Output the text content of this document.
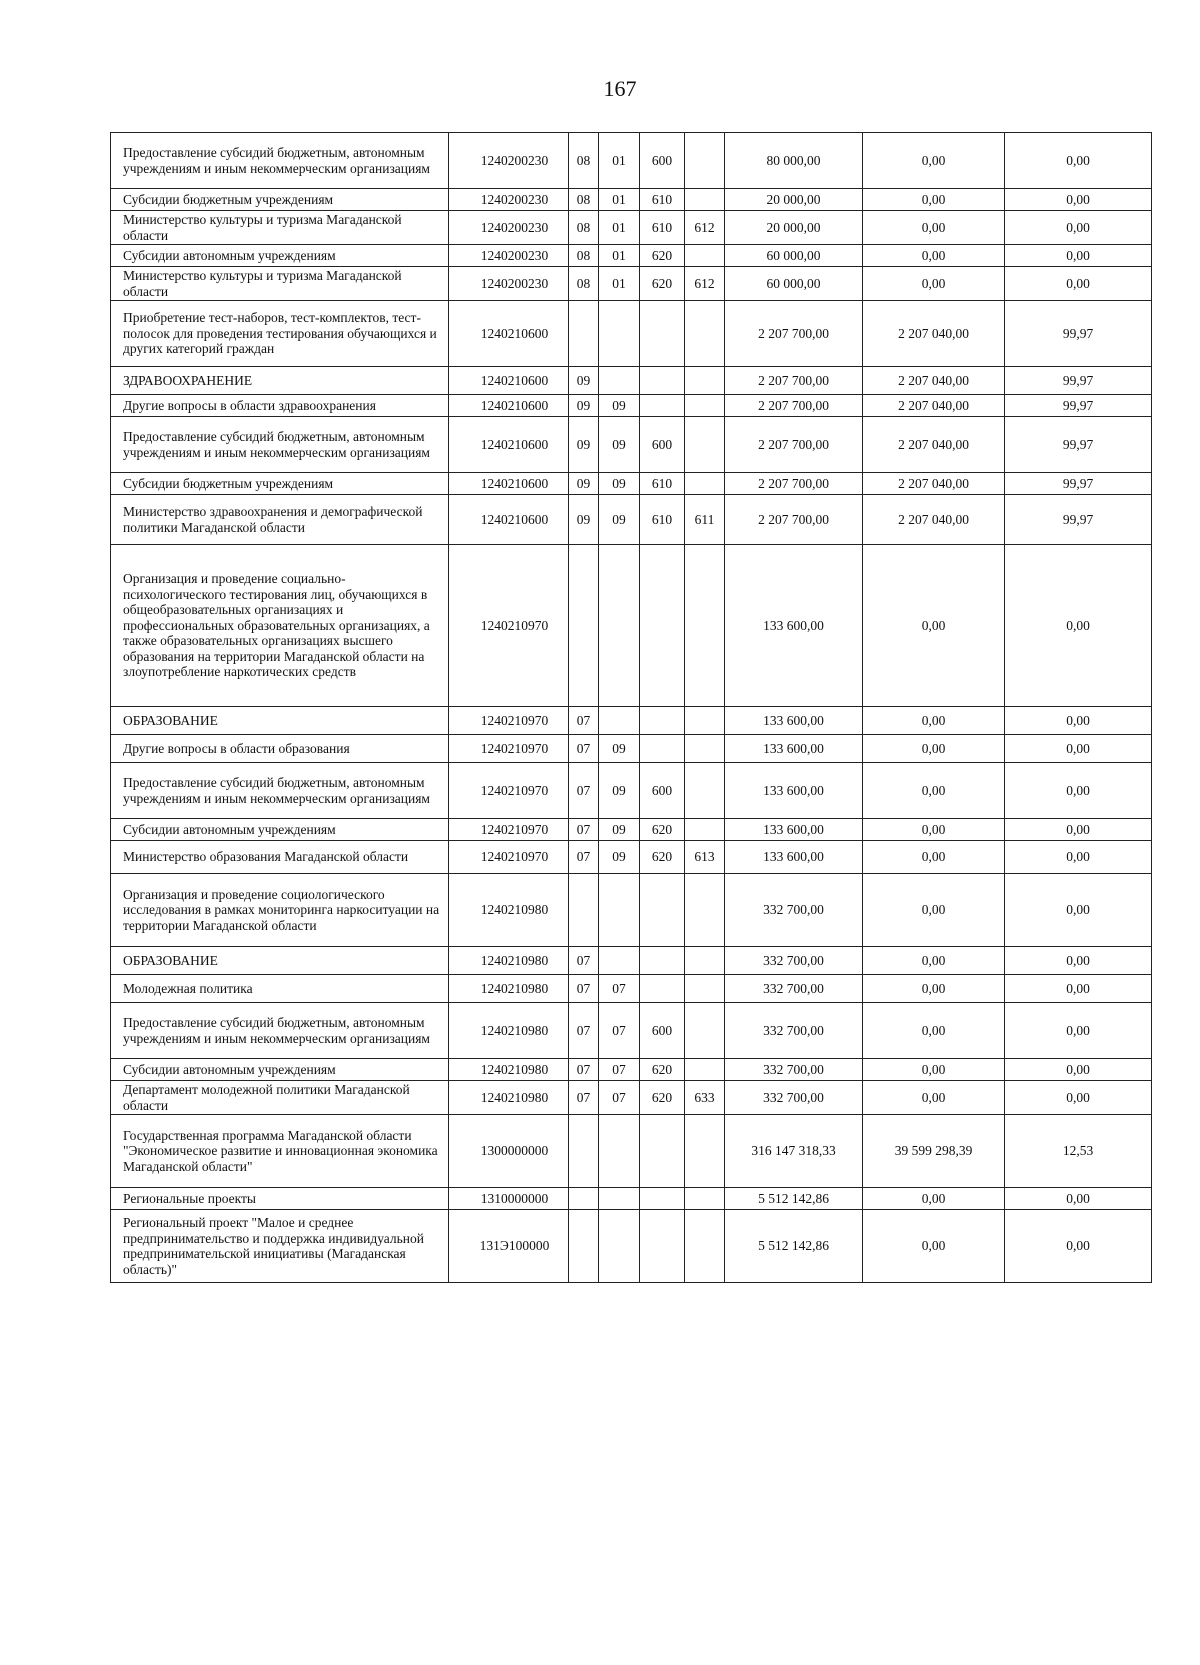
167
Предоставление субсидий бюджетным, автономным учреждениям и иным некоммерческим организациям	1240200230	08	01	600		80 000,00	0,00	0,00
Субсидии бюджетным учреждениям	1240200230	08	01	610		20 000,00	0,00	0,00
Министерство культуры и туризма Магаданской области	1240200230	08	01	610	612	20 000,00	0,00	0,00
Субсидии автономным учреждениям	1240200230	08	01	620		60 000,00	0,00	0,00
Министерство культуры и туризма Магаданской области	1240200230	08	01	620	612	60 000,00	0,00	0,00
Приобретение тест-наборов, тест-комплектов, тест-полосок для проведения тестирования обучающихся и других категорий граждан	1240210600					2 207 700,00	2 207 040,00	99,97
ЗДРАВООХРАНЕНИЕ	1240210600	09				2 207 700,00	2 207 040,00	99,97
Другие вопросы в области здравоохранения	1240210600	09	09			2 207 700,00	2 207 040,00	99,97
Предоставление субсидий бюджетным, автономным учреждениям и иным некоммерческим организациям	1240210600	09	09	600		2 207 700,00	2 207 040,00	99,97
Субсидии бюджетным учреждениям	1240210600	09	09	610		2 207 700,00	2 207 040,00	99,97
Министерство здравоохранения и демографической политики Магаданской области	1240210600	09	09	610	611	2 207 700,00	2 207 040,00	99,97
Организация и проведение социально-психологического тестирования лиц, обучающихся в общеобразовательных организациях и профессиональных образовательных организациях, а также образовательных организациях высшего образования на территории Магаданской области на злоупотребление наркотических средств	1240210970					133 600,00	0,00	0,00
ОБРАЗОВАНИЕ	1240210970	07				133 600,00	0,00	0,00
Другие вопросы в области образования	1240210970	07	09			133 600,00	0,00	0,00
Предоставление субсидий бюджетным, автономным учреждениям и иным некоммерческим организациям	1240210970	07	09	600		133 600,00	0,00	0,00
Субсидии автономным учреждениям	1240210970	07	09	620		133 600,00	0,00	0,00
Министерство образования Магаданской области	1240210970	07	09	620	613	133 600,00	0,00	0,00
Организация и проведение социологического исследования в рамках мониторинга наркоситуации на территории Магаданской области	1240210980					332 700,00	0,00	0,00
ОБРАЗОВАНИЕ	1240210980	07				332 700,00	0,00	0,00
Молодежная политика	1240210980	07	07			332 700,00	0,00	0,00
Предоставление субсидий бюджетным, автономным учреждениям и иным некоммерческим организациям	1240210980	07	07	600		332 700,00	0,00	0,00
Субсидии автономным учреждениям	1240210980	07	07	620		332 700,00	0,00	0,00
Департамент молодежной политики Магаданской области	1240210980	07	07	620	633	332 700,00	0,00	0,00
Государственная программа Магаданской области "Экономическое развитие и инновационная экономика Магаданской области"	1300000000					316 147 318,33	39 599 298,39	12,53
Региональные проекты	1310000000					5 512 142,86	0,00	0,00
Региональный проект "Малое и среднее предпринимательство и поддержка индивидуальной предпринимательской инициативы (Магаданская область)"	131Э100000					5 512 142,86	0,00	0,00
